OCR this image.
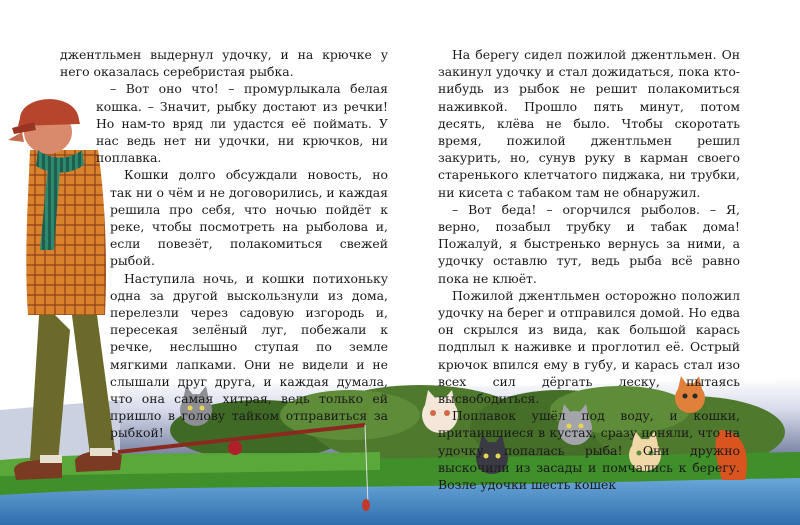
джентльмен выдернул удочку, и на крючке у него оказалась серебристая рыбка.

– Вот оно что! – промурлыкала белая кошка. – Значит, рыбку достают из речки! Но нам-то вряд ли удастся её поймать. У нас ведь нет ни удочки, ни крючков, ни поплавка.

Кошки долго обсуждали новость, но так ни о чём и не договорились, и каждая решила про себя, что ночью пойдёт к реке, чтобы посмотреть на рыболова и, если повезёт, полакомиться свежей рыбой.

Наступила ночь, и кошки потихоньку одна за другой выскользнули из дома, перелезли через садовую изгородь и, пересекая зелёный луг, побежали к речке, неслышно ступая по земле мягкими лапками. Они не видели и не слышали друг друга, и каждая думала, что она самая хитрая, ведь только ей пришло в голову тайком отправиться за рыбкой!

На берегу сидел пожилой джентльмен. Он закинул удочку и стал дожидаться, пока кто-нибудь из рыбок не решит полакомиться наживкой. Прошло пять минут, потом десять, клёва не было. Чтобы скоротать время, пожилой джентльмен решил закурить, но, сунув руку в карман своего старенького клетчатого пиджака, ни трубки, ни кисета с табаком там не обнаружил.

– Вот беда! – огорчился рыболов. – Я, верно, позабыл трубку и табак дома! Пожалуй, я быстренько вернусь за ними, а удочку оставлю тут, ведь рыба всё равно пока не клюёт.

Пожилой джентльмен осторожно положил удочку на берег и отправился домой. Но едва он скрылся из вида, как большой карась подплыл к наживке и проглотил её. Острый крючок впился ему в губу, и карась стал изо всех сил дёргать леску, пытаясь высвободиться.

Поплавок ушёл под воду, и кошки, притаившиеся в кустах, сразу поняли, что на удочку попалась рыба! Они дружно выскочили из засады и помчались к берегу. Возле удочки шесть кошек
